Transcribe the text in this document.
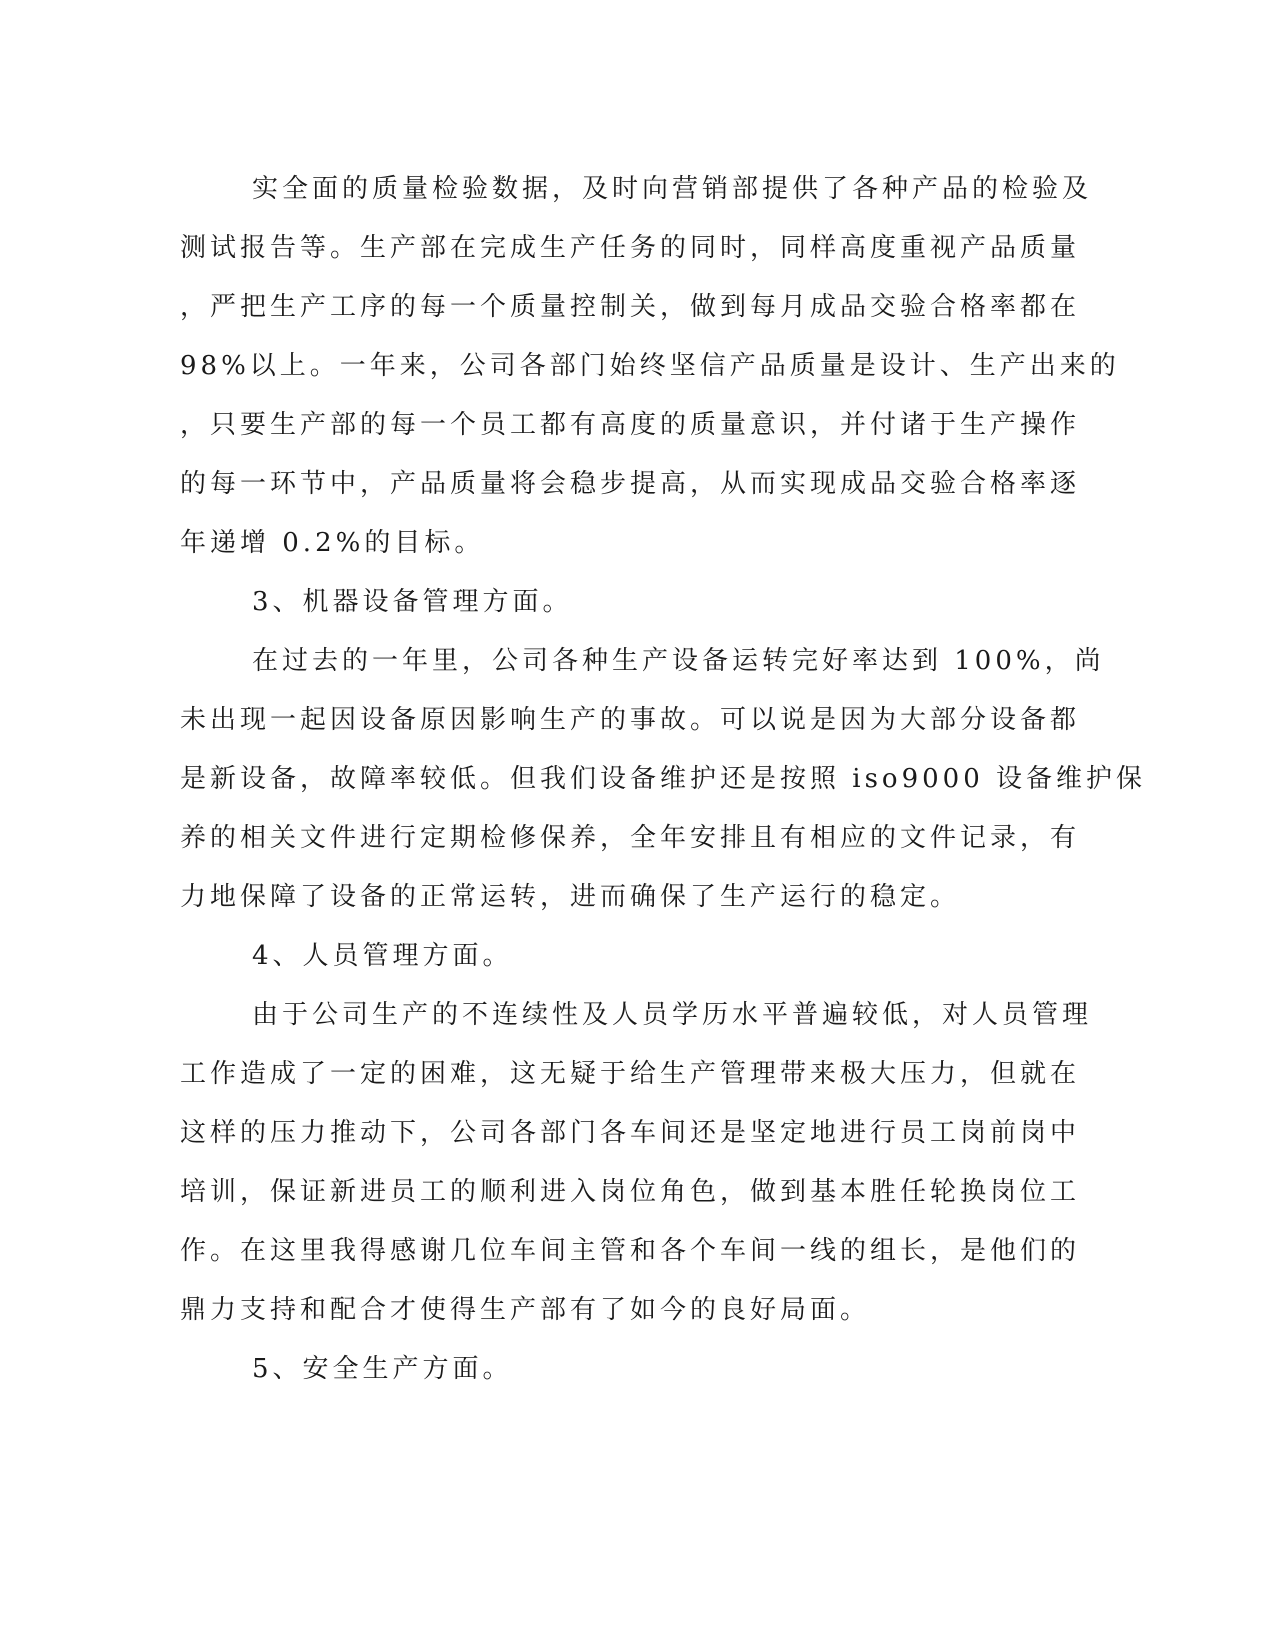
实全面的质量检验数据，及时向营销部提供了各种产品的检验及
测试报告等。生产部在完成生产任务的同时，同样高度重视产品质量
，严把生产工序的每一个质量控制关，做到每月成品交验合格率都在
98%以上。一年来，公司各部门始终坚信产品质量是设计、生产出来的
，只要生产部的每一个员工都有高度的质量意识，并付诸于生产操作
的每一环节中，产品质量将会稳步提高，从而实现成品交验合格率逐
年递增 0.2%的目标。
3、机器设备管理方面。
在过去的一年里，公司各种生产设备运转完好率达到 100%，尚
未出现一起因设备原因影响生产的事故。可以说是因为大部分设备都
是新设备，故障率较低。但我们设备维护还是按照 iso9000 设备维护保
养的相关文件进行定期检修保养，全年安排且有相应的文件记录，有
力地保障了设备的正常运转，进而确保了生产运行的稳定。
4、人员管理方面。
由于公司生产的不连续性及人员学历水平普遍较低，对人员管理
工作造成了一定的困难，这无疑于给生产管理带来极大压力，但就在
这样的压力推动下，公司各部门各车间还是坚定地进行员工岗前岗中
培训，保证新进员工的顺利进入岗位角色，做到基本胜任轮换岗位工
作。在这里我得感谢几位车间主管和各个车间一线的组长，是他们的
鼎力支持和配合才使得生产部有了如今的良好局面。
5、安全生产方面。
